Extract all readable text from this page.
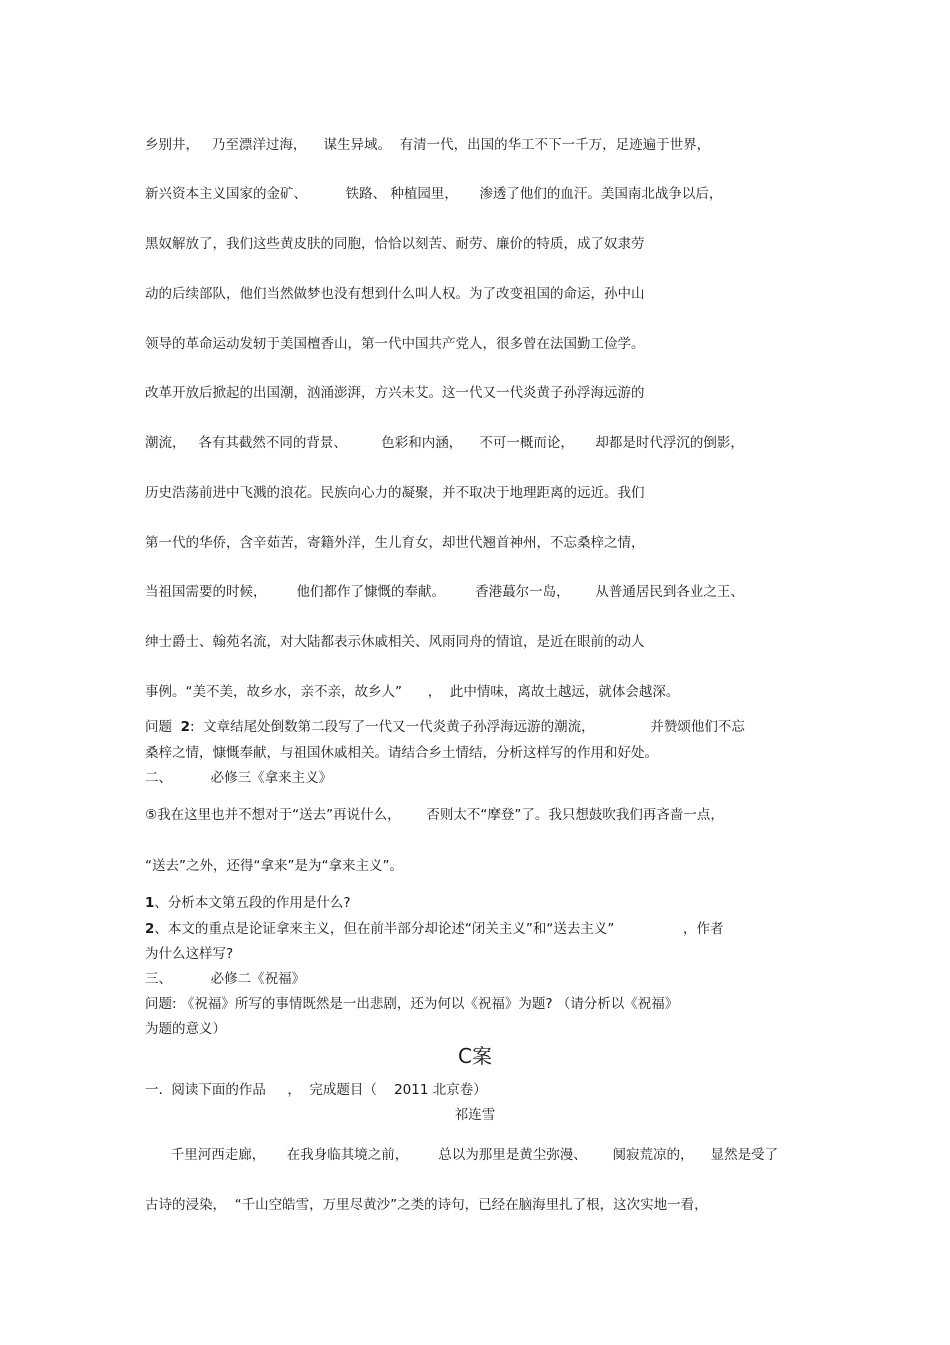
乡别井，   乃至漂洋过海，    谋生异域。  有清一代，出国的华工不下一千万，足迹遍于世界，

新兴资本主义国家的金矿、         铁路、 种植园里，     渗透了他们的血汗。美国南北战争以后，

黑奴解放了，我们这些黄皮肤的同胞，恰恰以刻苦、耐劳、廉价的特质，成了奴隶劳

动的后续部队，他们当然做梦也没有想到什么叫人权。为了改变祖国的命运，孙中山

领导的革命运动发轫于美国檀香山，第一代中国共产党人，很多曾在法国勤工俭学。

改革开放后掀起的出国潮，汹涌澎湃，方兴未艾。这一代又一代炎黄子孙浮海远游的

潮流，   各有其截然不同的背景、        色彩和内涵，    不可一概而论，     却都是时代浮沉的倒影，

历史浩荡前进中飞溅的浪花。民族向心力的凝聚，并不取决于地理距离的远近。我们

第一代的华侨，含辛茹苦，寄籍外洋，生儿育女，却世代翘首神州，不忘桑梓之情，

当祖国需要的时候，       他们都作了慷慨的奉献。       香港蕞尔一岛，      从普通居民到各业之王、

绅士爵士、翰苑名流，对大陆都表示休戚相关、风雨同舟的情谊，是近在眼前的动人

事例。“美不美，故乡水，亲不亲，故乡人”      ，  此中情味，离故土越远，就体会越深。

问题  2:  文章结尾处倒数第二段写了一代又一代炎黄子孙浮海远游的潮流，             并赞颂他们不忘

桑梓之情，慷慨奉献，与祖国休戚相关。请结合乡土情结，分析这样写的作用和好处。

二、         必修三《拿来主义》

⑤我在这里也并不想对于“送去”再说什么，      否则太不“摩登”了。我只想鼓吹我们再吝啬一点，

“送去”之外，还得“拿来”是为“拿来主义”。

1、分析本文第五段的作用是什么?

2、本文的重点是论证拿来主义，但在前半部分却论述“闭关主义”和“送去主义”                ，作者

为什么这样写?

三、         必修二《祝福》

问题: 《祝福》所写的事情既然是一出悲剧，还为何以《祝福》为题? （请分析以《祝福》

为题的意义）

C案

一.  阅读下面的作品     ，  完成题目（    2011 北京卷）

祁连雪

千里河西走廊，     在我身临其境之前，       总以为那里是黄尘弥漫、      阒寂荒凉的，    显然是受了

古诗的浸染，  “千山空皓雪，万里尽黄沙”之类的诗句，已经在脑海里扎了根，这次实地一看，
